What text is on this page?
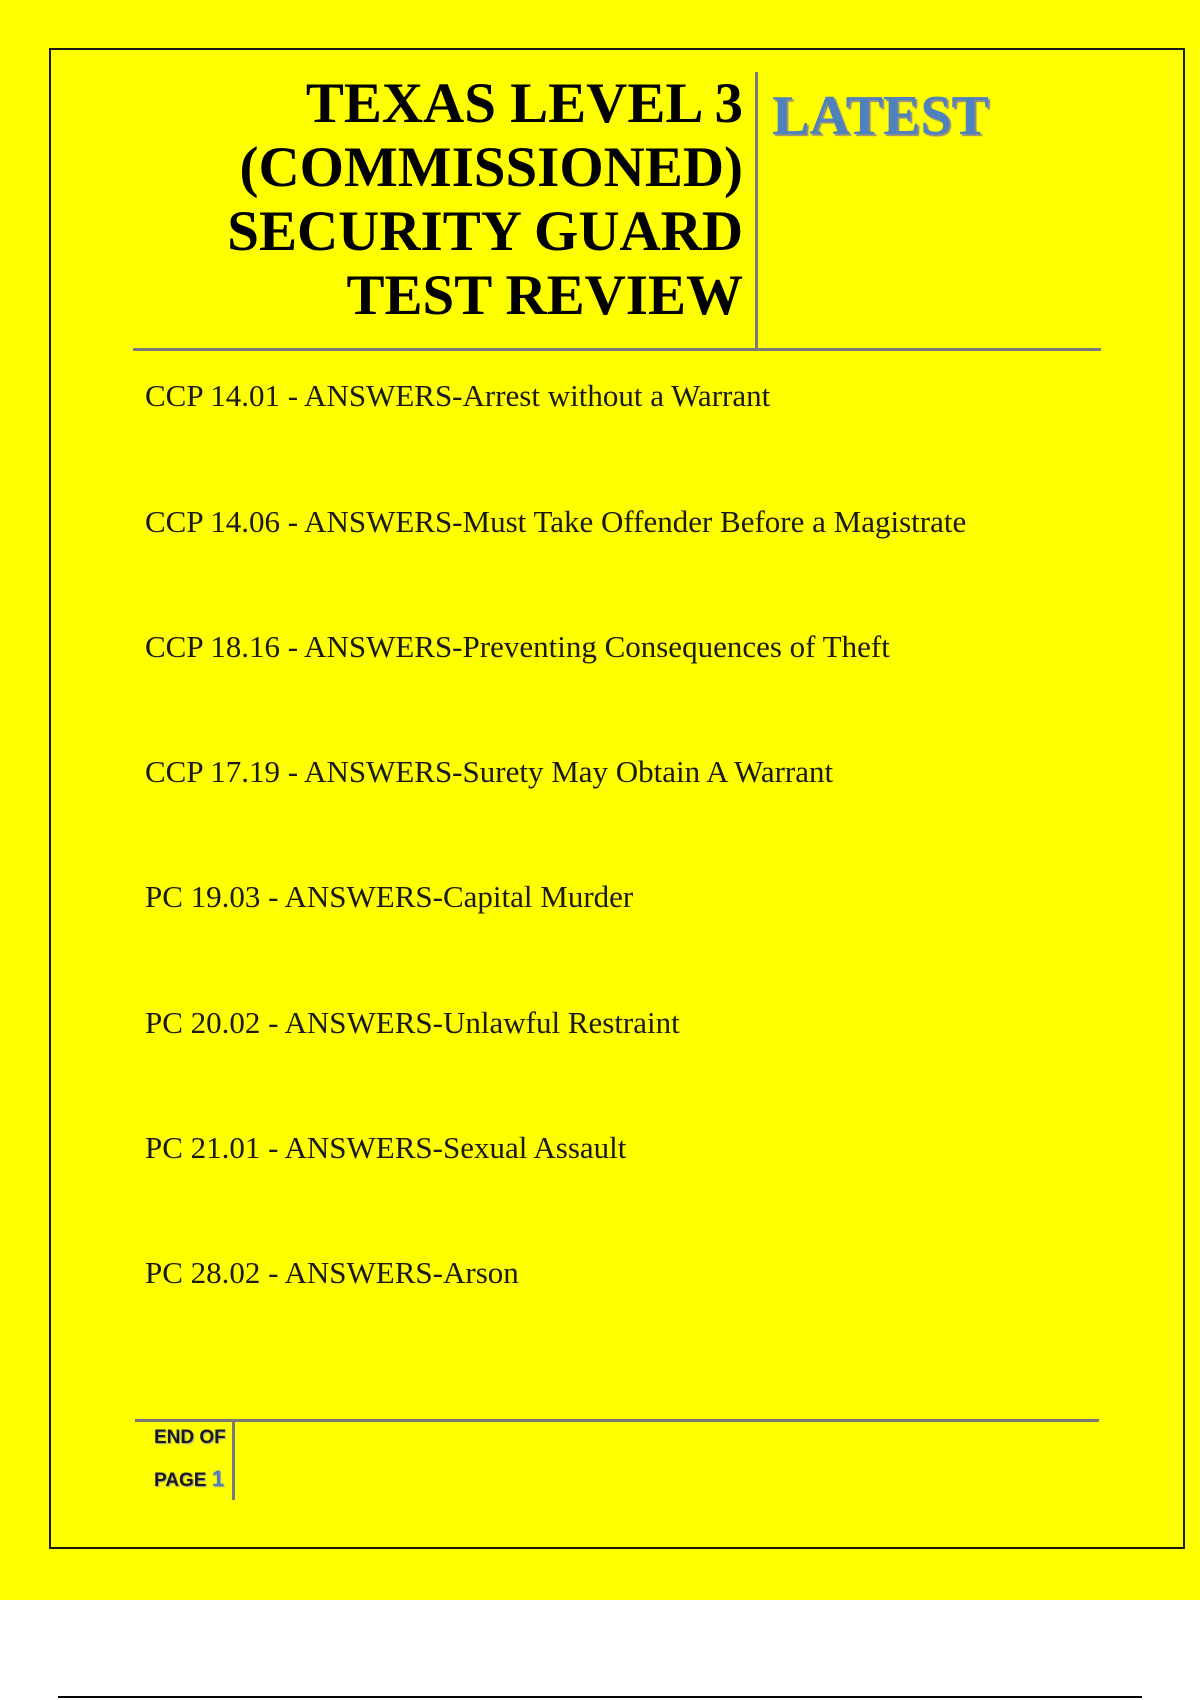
TEXAS LEVEL 3
(COMMISSIONED)
SECURITY GUARD
TEST REVIEW
LATEST
CCP 14.01 - ANSWERS-Arrest without a Warrant
CCP 14.06 - ANSWERS-Must Take Offender Before a Magistrate
CCP 18.16 - ANSWERS-Preventing Consequences of Theft
CCP 17.19 - ANSWERS-Surety May Obtain A Warrant
PC 19.03 - ANSWERS-Capital Murder
PC 20.02 - ANSWERS-Unlawful Restraint
PC 21.01 - ANSWERS-Sexual Assault
PC 28.02 - ANSWERS-Arson
END OF
PAGE 1
